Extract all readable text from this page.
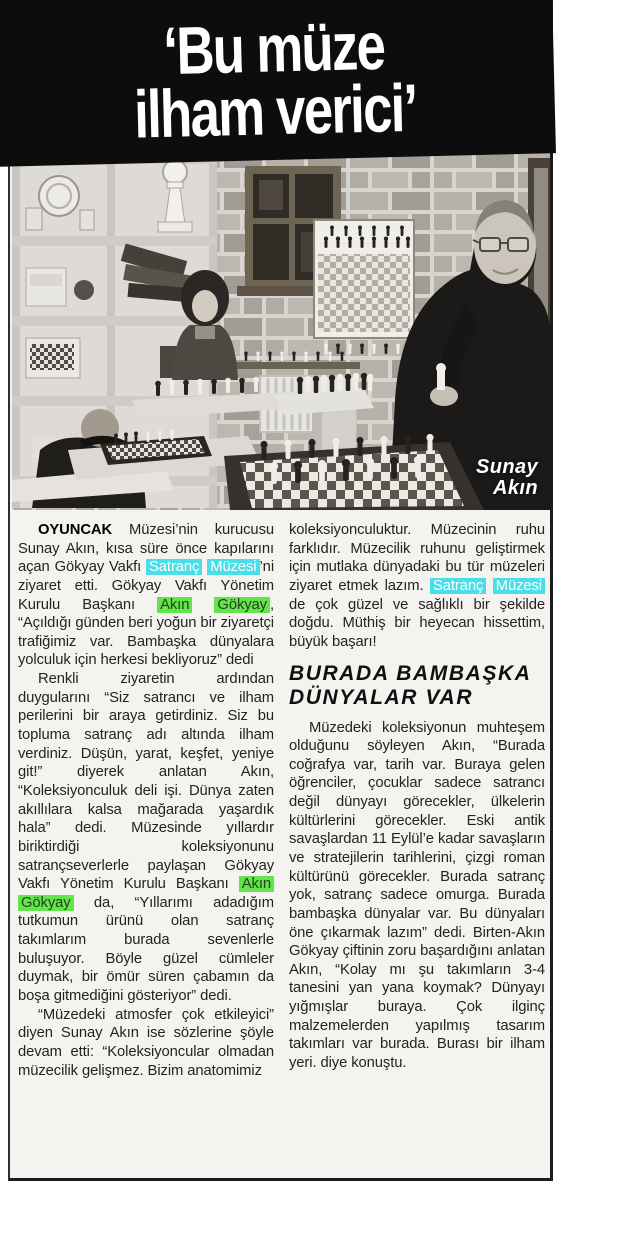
Sunay
Akın

OYUNCAK Müzesi’nin kurucusu Sunay Akın, kısa süre önce kapılarını açan Gökyay Vakfı Satranç Müzesi ’ni ziyaret etti. Gökyay Vakfı Yönetim Kurulu Başkanı Akın Gökyay , “Açıldığı günden beri yoğun bir ziyaretçi trafiğimiz var. Bambaşka dünyalara yolculuk için herkesi bekliyoruz” dedi

Renkli ziyaretin ardından duygularını “Siz satrancı ve ilham perilerini bir araya getirdiniz. Siz bu topluma satranç adı altında ilham verdiniz. Düşün, yarat, keşfet, yeniye git!” diyerek anlatan Akın, “Koleksiyonculuk deli işi. Dünya zaten akıllılara kalsa mağarada yaşardık hala” dedi. Müzesinde yıllardır biriktirdiği koleksiyonunu satrançseverlerle paylaşan Gökyay Vakfı Yönetim Kurulu Başkanı Akın Gökyay da, “Yıllarımı adadığım tutkumun ürünü olan satranç takımlarım burada sevenlerle buluşuyor. Böyle güzel cümleler duymak, bir ömür süren çabamın da boşa gitmediğini gösteriyor” dedi.

“Müzedeki atmosfer çok etkileyici” diyen Sunay Akın ise sözlerine şöyle devam etti: “Koleksiyoncular olmadan müzecilik gelişmez. Bizim anatomimiz

koleksiyonculuktur. Müzecinin ruhu farklıdır. Müzecilik ruhunu geliştirmek için mutlaka dünyadaki bu tür müzeleri ziyaret etmek lazım. Satranç Müzesi de çok güzel ve sağlıklı bir şekilde doğdu. Müthiş bir heyecan hissettim, büyük başarı!

BURADA BAMBAŞKA DÜNYALAR VAR

Müzedeki koleksiyonun muhteşem olduğunu söyleyen Akın, “Burada coğrafya var, tarih var. Buraya gelen öğrenciler, çocuklar sadece satrancı değil dünyayı görecekler, ülkelerin kültürlerini görecekler. Eski antik savaşlardan 11 Eylül’e kadar savaşların ve stratejilerin tarihlerini, çizgi roman kültürünü görecekler. Burada satranç yok, satranç sadece omurga. Burada bambaşka dünyalar var. Bu dünyaları öne çıkarmak lazım” dedi. Birten-Akın Gökyay çiftinin zoru başardığını anlatan Akın, “Kolay mı şu takımların 3-4 tanesini yan yana koymak? Dünyayı yığmışlar buraya. Çok ilginç malzemelerden yapılmış tasarım takımları var burada. Burası bir ilham yeri. diye konuştu.

‘Bu müze
ilham verici’
